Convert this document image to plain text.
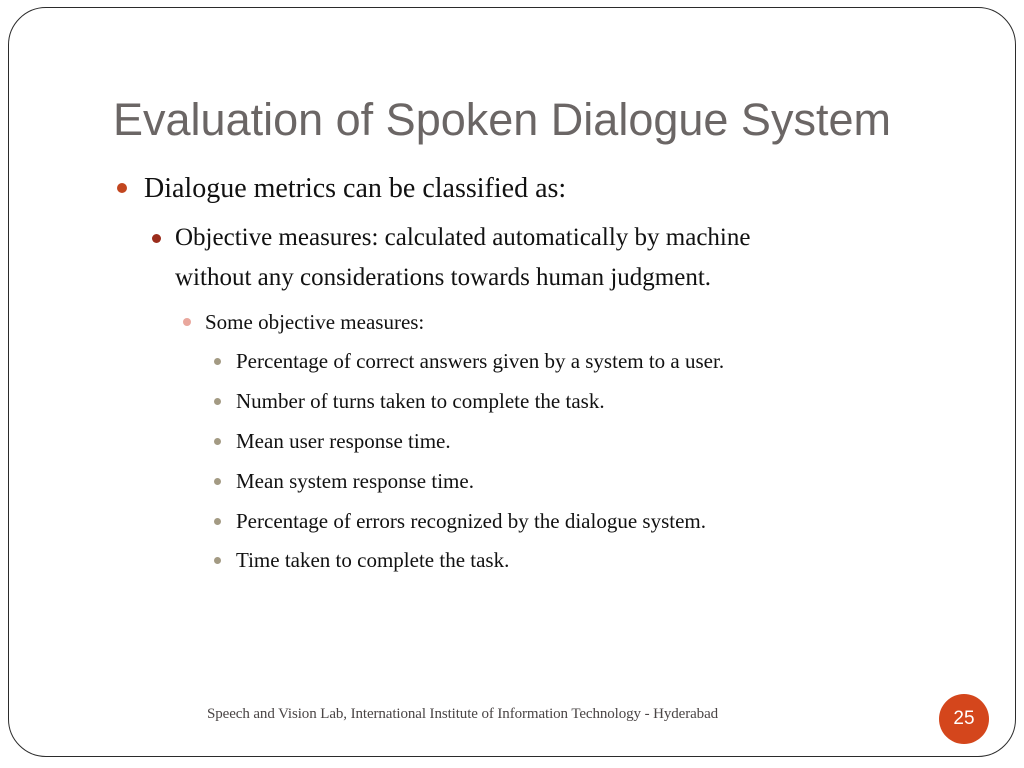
Evaluation of Spoken Dialogue System
Dialogue metrics can be classified as:
Objective measures: calculated automatically by machine
without any considerations towards human judgment.
Some objective measures:
Percentage of correct answers given by a system to a user.
Number of turns taken to complete the task.
Mean user response time.
Mean system response time.
Percentage of errors recognized by the dialogue system.
Time taken to complete the task.
Speech and Vision Lab, International Institute of Information Technology - Hyderabad	25
